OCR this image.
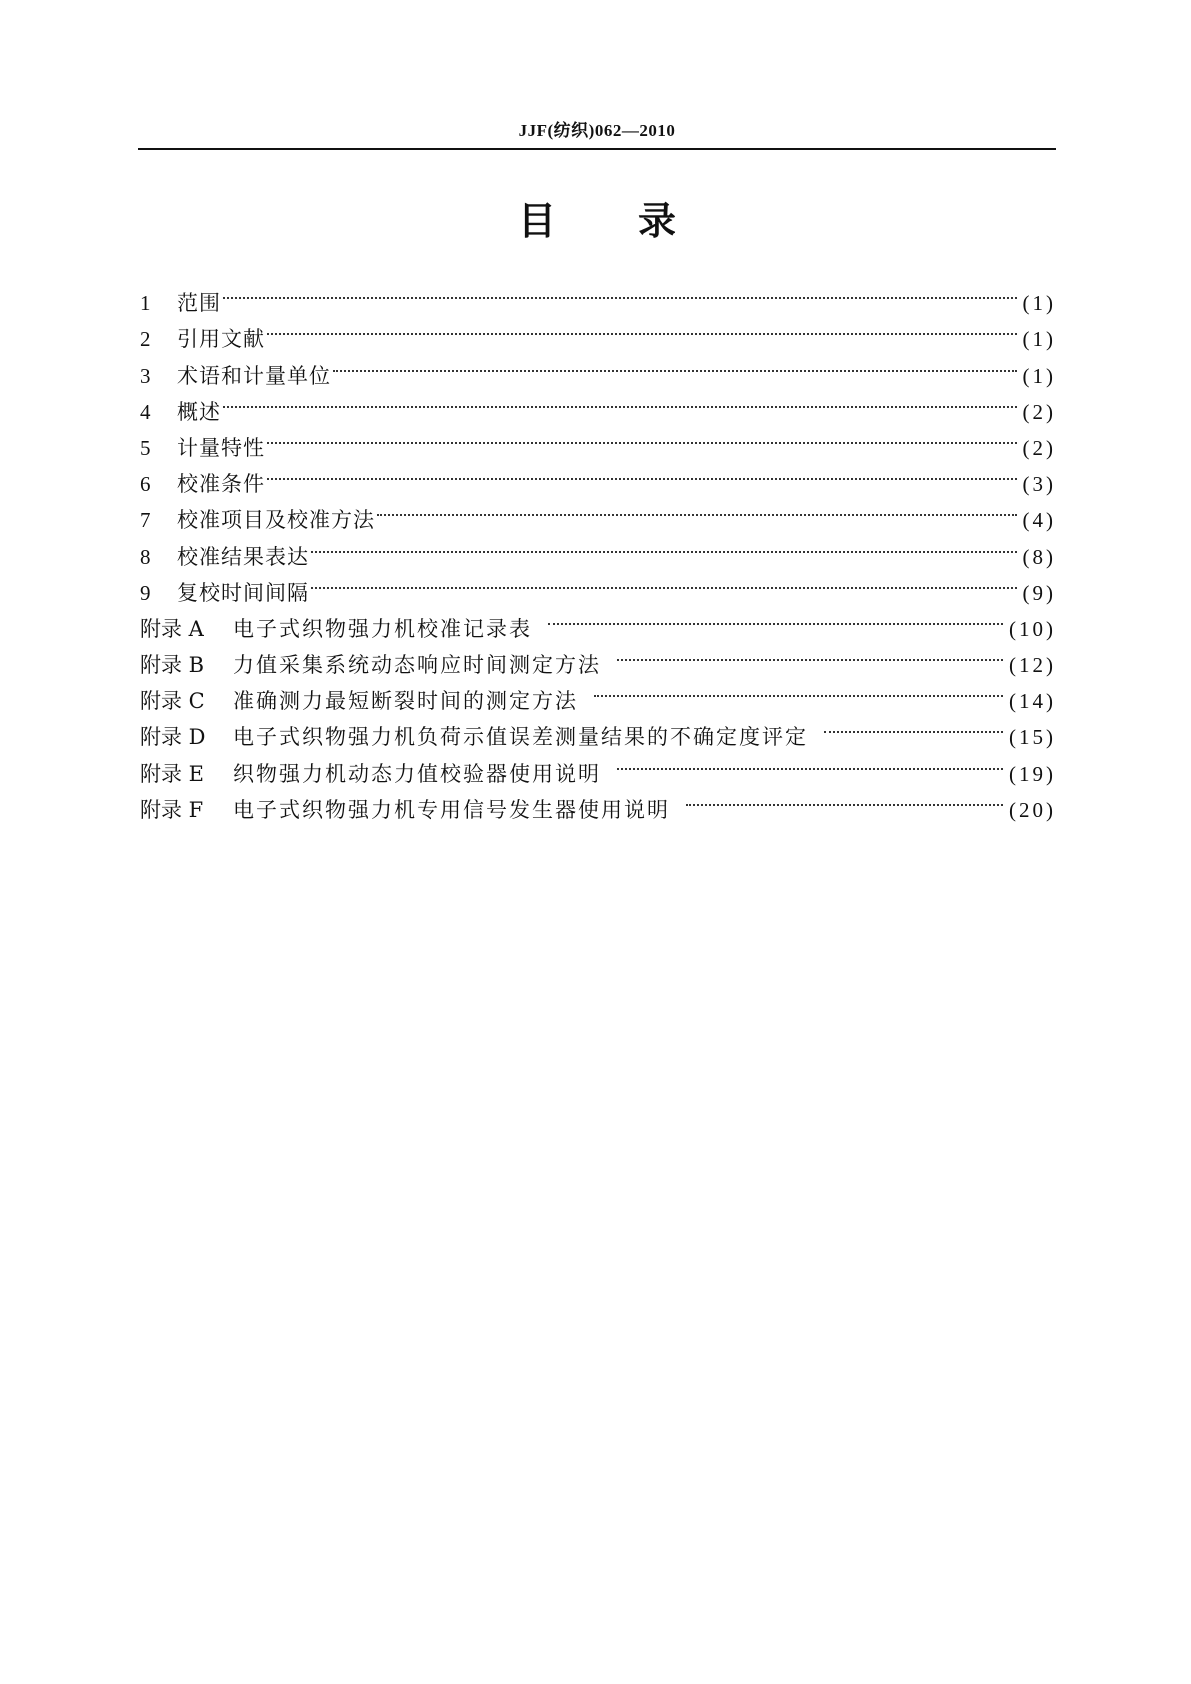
JJF(纺织)062—2010
目 录
1	范围	(1)
2	引用文献	(1)
3	术语和计量单位	(1)
4	概述	(2)
5	计量特性	(2)
6	校准条件	(3)
7	校准项目及校准方法	(4)
8	校准结果表达	(8)
9	复校时间间隔	(9)
附录 A	电子式织物强力机校准记录表	(10)
附录 B	力值采集系统动态响应时间测定方法	(12)
附录 C	准确测力最短断裂时间的测定方法	(14)
附录 D	电子式织物强力机负荷示值误差测量结果的不确定度评定	(15)
附录 E	织物强力机动态力值校验器使用说明	(19)
附录 F	电子式织物强力机专用信号发生器使用说明	(20)
